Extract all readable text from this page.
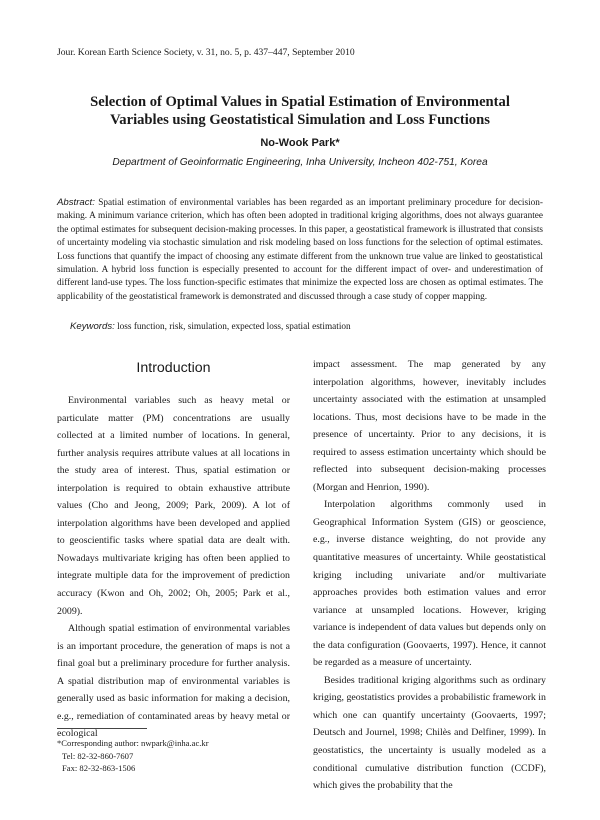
Jour. Korean Earth Science Society, v. 31, no. 5, p. 437–447, September 2010
Selection of Optimal Values in Spatial Estimation of Environmental
Variables using Geostatistical Simulation and Loss Functions
No-Wook Park*
Department of Geoinformatic Engineering, Inha University, Incheon 402-751, Korea
Abstract: Spatial estimation of environmental variables has been regarded as an important preliminary procedure for decision-making. A minimum variance criterion, which has often been adopted in traditional kriging algorithms, does not always guarantee the optimal estimates for subsequent decision-making processes. In this paper, a geostatistical framework is illustrated that consists of uncertainty modeling via stochastic simulation and risk modeling based on loss functions for the selection of optimal estimates. Loss functions that quantify the impact of choosing any estimate different from the unknown true value are linked to geostatistical simulation. A hybrid loss function is especially presented to account for the different impact of over- and underestimation of different land-use types. The loss function-specific estimates that minimize the expected loss are chosen as optimal estimates. The applicability of the geostatistical framework is demonstrated and discussed through a case study of copper mapping.
Keywords: loss function, risk, simulation, expected loss, spatial estimation
Introduction

Environmental variables such as heavy metal or particulate matter (PM) concentrations are usually collected at a limited number of locations. In general, further analysis requires attribute values at all locations in the study area of interest. Thus, spatial estimation or interpolation is required to obtain exhaustive attribute values (Cho and Jeong, 2009; Park, 2009). A lot of interpolation algorithms have been developed and applied to geoscientific tasks where spatial data are dealt with. Nowadays multivariate kriging has often been applied to integrate multiple data for the improvement of prediction accuracy (Kwon and Oh, 2002; Oh, 2005; Park et al., 2009).

Although spatial estimation of environmental variables is an important procedure, the generation of maps is not a final goal but a preliminary procedure for further analysis. A spatial distribution map of environmental variables is generally used as basic information for making a decision, e.g., remediation of contaminated areas by heavy metal or ecological

impact assessment. The map generated by any interpolation algorithms, however, inevitably includes uncertainty associated with the estimation at unsampled locations. Thus, most decisions have to be made in the presence of uncertainty. Prior to any decisions, it is required to assess estimation uncertainty which should be reflected into subsequent decision-making processes (Morgan and Henrion, 1990).

Interpolation algorithms commonly used in Geographical Information System (GIS) or geoscience, e.g., inverse distance weighting, do not provide any quantitative measures of uncertainty. While geostatistical kriging including univariate and/or multivariate approaches provides both estimation values and error variance at unsampled locations. However, kriging variance is independent of data values but depends only on the data configuration (Goovaerts, 1997). Hence, it cannot be regarded as a measure of uncertainty.

Besides traditional kriging algorithms such as ordinary kriging, geostatistics provides a probabilistic framework in which one can quantify uncertainty (Goovaerts, 1997; Deutsch and Journel, 1998; Chilès and Delfiner, 1999). In geostatistics, the uncertainty is usually modeled as a conditional cumulative distribution function (CCDF), which gives the probability that the

*Corresponding author: nwpark@inha.ac.kr
Tel: 82-32-860-7607
Fax: 82-32-863-1506
